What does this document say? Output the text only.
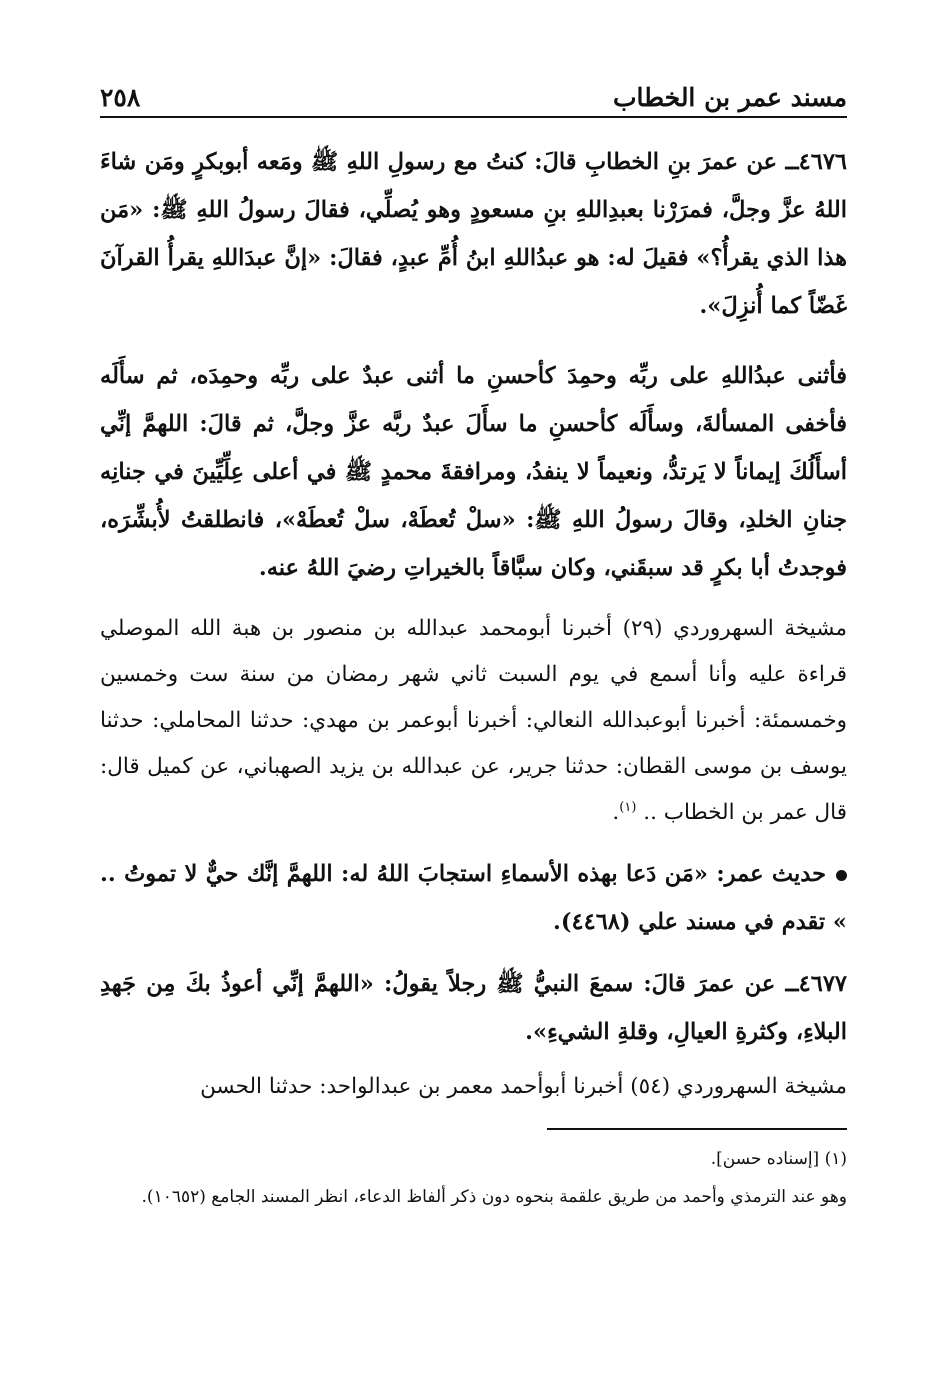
مسند عمر بن الخطاب
٢٥٨

٤٦٧٦ــ عن عمرَ بنِ الخطابِ قالَ: كنتُ مع رسولِ اللهِ ﷺ ومَعه أبوبكرٍ ومَن شاءَ اللهُ عزَّ وجلَّ، فمرَرْنا بعبدِاللهِ بنِ مسعودٍ وهو يُصلِّي، فقالَ رسولُ اللهِ ﷺ: «مَن هذا الذي يقرأُ؟» فقيلَ له: هو عبدُاللهِ ابنُ أُمِّ عبدٍ، فقالَ: «إنَّ عبدَاللهِ يقرأُ القرآنَ غَضّاً كما أُنزِلَ».

فأثنى عبدُاللهِ على ربِّه وحمِدَ كأحسنِ ما أثنى عبدٌ على ربِّه وحمِدَه، ثم سأَلَه فأخفى المسألةَ، وسأَلَه كأحسنِ ما سأَلَ عبدٌ ربَّه عزَّ وجلَّ، ثم قالَ: اللهمَّ إنِّي أسأَلُكَ إيماناً لا يَرتدُّ، ونعيماً لا ينفدُ، ومرافقةَ محمدٍ ﷺ في أعلى عِلِّيِّينَ في جنانِه جنانِ الخلدِ، وقالَ رسولُ اللهِ ﷺ: «سلْ تُعطَهْ، سلْ تُعطَهْ»، فانطلقتُ لأُبشِّرَه، فوجدتُ أبا بكرٍ قد سبقَني، وكان سبَّاقاً بالخيراتِ رضيَ اللهُ عنه.

مشيخة السهروردي (٢٩) أخبرنا أبومحمد عبدالله بن منصور بن هبة الله الموصلي قراءة عليه وأنا أسمع في يوم السبت ثاني شهر رمضان من سنة ست وخمسين وخمسمئة: أخبرنا أبوعبدالله النعالي: أخبرنا أبوعمر بن مهدي: حدثنا المحاملي: حدثنا يوسف بن موسى القطان: حدثنا جرير، عن عبدالله بن يزيد الصهباني، عن كميل قال: قال عمر بن الخطاب .. $^{(١)}$.

حديث عمر: «مَن دَعا بهذه الأسماءِ استجابَ اللهُ له: اللهمَّ إنَّك حيٌّ لا تموتُ .. » تقدم في مسند علي (٤٤٦٨).

٤٦٧٧ــ عن عمرَ قالَ: سمعَ النبيُّ ﷺ رجلاً يقولُ: «اللهمَّ إنِّي أعوذُ بكَ مِن جَهدِ البلاءِ، وكثرةِ العيالِ، وقلةِ الشيءِ».

مشيخة السهروردي (٥٤) أخبرنا أبوأحمد معمر بن عبدالواحد: حدثنا الحسن

(١) [إسناده حسن].

وهو عند الترمذي وأحمد من طريق علقمة بنحوه دون ذكر ألفاظ الدعاء، انظر المسند الجامع (١٠٦٥٢).
